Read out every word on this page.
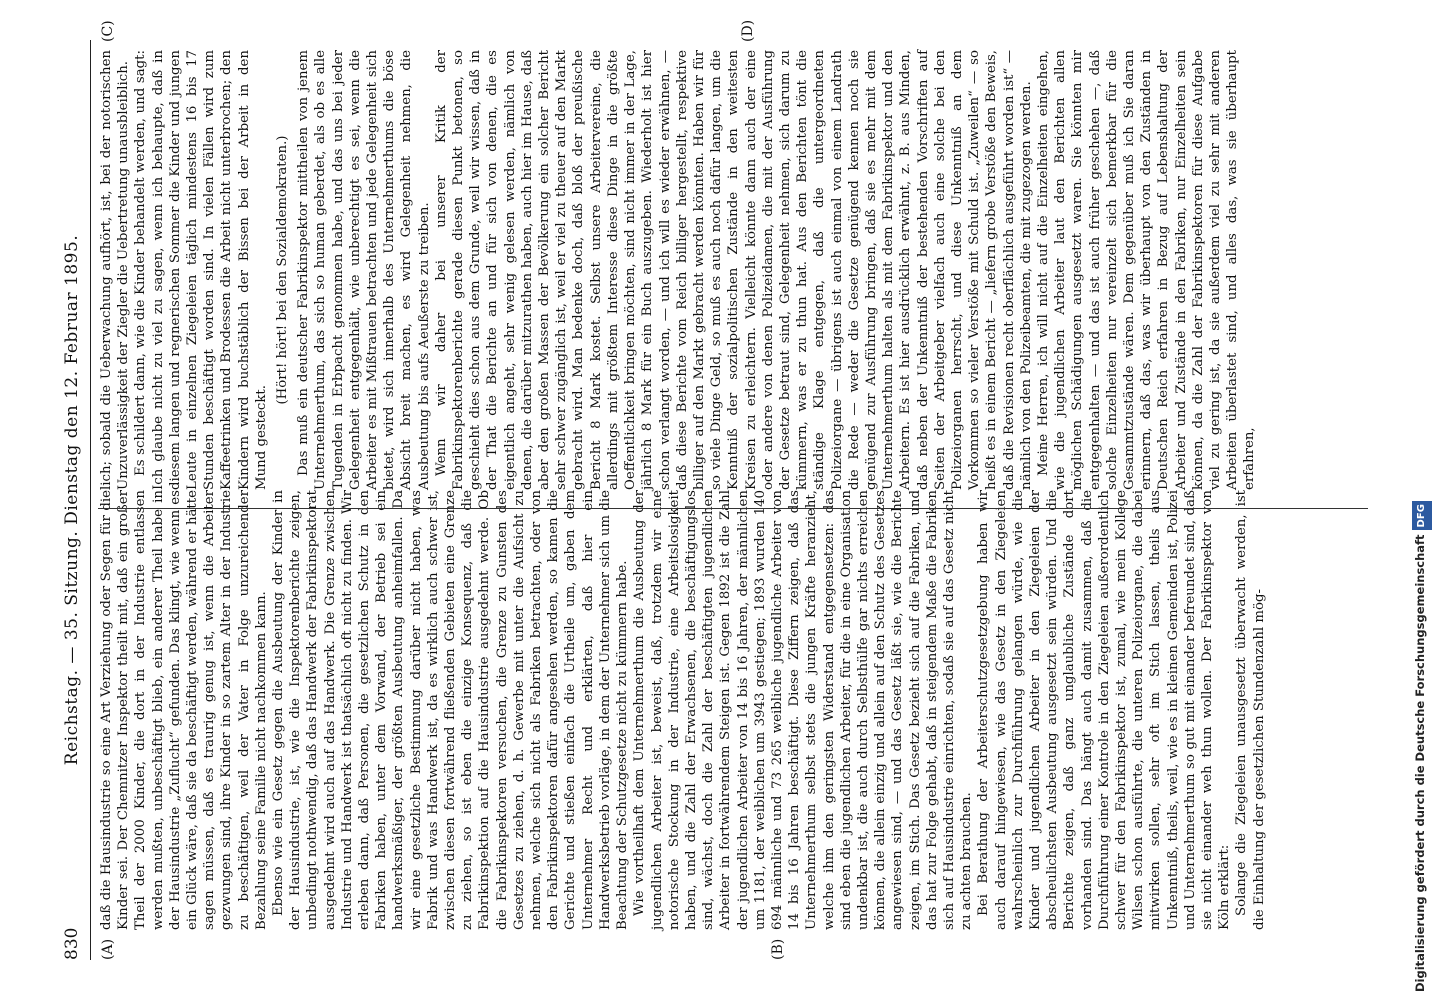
830
Reichstag. — 35. Sitzung. Dienstag den 12. Februar 1895.
(A)	(B)
(C)	(D)

daß die Hausindustrie so eine Art Verziehung oder Segen für die Kinder sei. Der Chemnitzer Inspektor theilt mit, daß ein großer Theil der 2000 Kinder, die dort in der Industrie entlassen werden mußten, unbeschäftigt blieb, ein anderer Theil habe in der Hausindustrie „Zuflucht“ gefunden. Das klingt, wie wenn es ein Glück wäre, daß sie da beschäftigt werden, während er hätte sagen müssen, daß es traurig genug ist, wenn die Arbeiter gezwungen sind, ihre Kinder in so zartem Alter in der Industrie zu beschäftigen, weil der Vater in Folge unzureichender Bezahlung seine Familie nicht nachkommen kann. Ebenso wie ein Gesetz gegen die Ausbeutung der Kinder in der Hausindustrie, ist, wie die Inspektorenberichte zeigen, unbedingt nothwendig, daß das Handwerk der Fabrikinspektorat ausgedehnt wird auch auf das Handwerk. Die Grenze zwischen Industrie und Handwerk ist thatsächlich oft nicht zu finden. Wir erleben dann, daß Personen, die gesetzlichen Schutz in den Fabriken haben, unter dem Vorwand, der Betrieb sei ein handwerksmäßiger, der größten Ausbeutung anheimfallen. Da wir eine gesetzliche Bestimmung darüber nicht haben, was Fabrik und was Handwerk ist, da es wirklich auch schwer ist, zwischen diesen fortwährend fließenden Gebieten eine Grenze zu ziehen, so ist eben die einzige Konsequenz, daß die Fabrikinspektion auf die Hausindustrie ausgedehnt werde. Ob die Fabrikinspektoren versuchen, die Grenze zu Gunsten des Gesetzes zu ziehen, d. h. Gewerbe mit unter die Aufsicht zu nehmen, welche sich nicht als Fabriken betrachten, oder von den Fabrikinspektoren dafür angesehen werden, so kamen die Gerichte und stießen einfach die Urtheile um, gaben dem Unternehmer Recht und erklärten, daß hier ein Handwerksbetrieb vorläge, in dem der Unternehmer sich um die Beachtung der Schutzgesetze nicht zu kümmern habe. Wie vortheilhaft dem Unternehmerthum die Ausbeutung der jugendlichen Arbeiter ist, beweist, daß, trotzdem wir eine notorische Stockung in der Industrie, eine Arbeitslosigkeit haben, und die Zahl der Erwachsenen, die beschäftigungslos sind, wächst, doch die Zahl der beschäftigten jugendlichen Arbeiter in fortwährendem Steigen ist. Gegen 1892 ist die Zahl der jugendlichen Arbeiter von 14 bis 16 Jahren, der männlichen um 1181, der weiblichen um 3943 gestiegen; 1893 wurden 140 694 männliche und 73 265 weibliche jugendliche Arbeiter von 14 bis 16 Jahren beschäftigt. Diese Ziffern zeigen, daß das Unternehmerthum selbst stets die jungen Kräfte heranzieht, welche ihm den geringsten Widerstand entgegensetzen: das sind eben die jugendlichen Arbeiter, für die in eine Organisation undenkbar ist, die auch durch Selbsthülfe gar nichts erreichen können, die allein einzig und allein auf den Schutz des Gesetzes angewiesen sind, — und das Gesetz läßt sie, wie die Berichte zeigen, im Stich. Das Gesetz bezieht sich auf die Fabriken, und das hat zur Folge gehabt, daß in steigendem Maße die Fabriken sich auf Hausindustrie einrichten, sodaß sie auf das Gesetz nicht zu achten brauchen. Bei Berathung der Arbeiterschutzgesetzgebung haben wir auch darauf hingewiesen, wie das Gesetz in den Ziegeleien wahrscheinlich zur Durchführung gelangen würde, wie die Kinder und jugendlichen Arbeiter in den Ziegeleien der abscheulichsten Ausbeutung ausgesetzt sein würden. Und die Berichte zeigen, daß ganz unglaubliche Zustände dort vorhanden sind. Das hängt auch damit zusammen, daß die Durchführung einer Kontrole in den Ziegeleien außerordentlich schwer für den Fabrikinspektor ist, zumal, wie mein Kollege Wilsen schon ausführte, die unteren Polizeiorgane, die dabei mitwirken sollen, sehr oft im Stich lassen, theils aus Unkenntniß, theils, weil, wie es in kleinen Gemeinden ist, Polizei und Unternehmerthum so gut mit einander befreundet sind, daß sie nicht einander weh thun wollen. Der Fabrikinspektor von Köln erklärt: Solange die Ziegeleien unausgesetzt überwacht werden, ist die Einhaltung der gesetzlichen Stundenzahl mög-

lich; sobald die Ueberwachung aufhört, ist, bei der notorischen Unzuverlässigkeit der Ziegler die Uebertretung unausbleiblich. Es schildert dann, wie die Kinder behandelt werden, und sagt: Ich glaube nicht zu viel zu sagen, wenn ich behaupte, daß in diesem langen und regnerischen Sommer die Kinder und jungen Leute in einzelnen Ziegeleien täglich mindestens 16 bis 17 Stunden beschäftigt worden sind. In vielen Fällen wird zum Kaffeetrinken und Brodessen die Arbeit nicht unterbrochen; den Kindern wird buchstäblich der Bissen bei der Arbeit in den Mund gesteckt.

(Hört! hört! bei den Sozialdemokraten.) Das muß ein deutscher Fabrikinspektor mittheilen von jenem Unternehmerthum, das sich so human geberdet, als ob es alle Tugenden in Erbpacht genommen habe, und das uns bei jeder Gelegenheit entgegenhält, wie unberechtigt es sei, wenn die Arbeiter es mit Mißtrauen betrachten und jede Gelegenheit sich bietet, wird sich innerhalb des Unternehmerthums die böse Absicht breit machen, es wird Gelegenheit nehmen, die Ausbeutung bis aufs Aeußerste zu treiben. Wenn wir daher bei unserer Kritik der Fabrikinspektorenberichte gerade diesen Punkt betonen, so geschieht dies schon aus dem Grunde, weil wir wissen, daß in der That die Berichte an und für sich von denen, die es eigentlich angeht, sehr wenig gelesen werden, nämlich von denen, die darüber mitzurathen haben, auch hier im Hause, daß aber den großen Massen der Bevölkerung ein solcher Bericht sehr schwer zugänglich ist, weil er viel zu theuer auf den Markt gebracht wird. Man bedenke doch, daß bloß der preußische Bericht 8 Mark kostet. Selbst unsere Arbeitervereine, die allerdings mit größtem Interesse diese Dinge in die größte Oeffentlichkeit bringen möchten, sind nicht immer in der Lage, jährlich 8 Mark für ein Buch auszugeben. Wiederholt ist hier schon verlangt worden, — und ich will es wieder erwähnen, — daß diese Berichte vom Reich billiger hergestellt, respektive billiger auf den Markt gebracht werden könnten. Haben wir für so viele Dinge Geld, so muß es auch noch dafür langen, um die Kenntniß der sozialpolitischen Zustände in den weitesten Kreisen zu erleichtern. Vielleicht könnte dann auch der eine oder andere von denen Polizeidamen, die mit der Ausführung der Gesetze betraut sind, Gelegenheit nehmen, sich darum zu kümmern, was er zu thun hat. Aus den Berichten tönt die ständige Klage entgegen, daß die untergeordneten Polizeiorgane — übrigens ist auch einmal von einem Landrath die Rede — weder die Gesetze genügend kennen noch sie genügend zur Ausführung bringen, daß sie es mehr mit dem Unternehmerthum halten als mit dem Fabrikinspektor und den Arbeitern. Es ist hier ausdrücklich erwähnt, z. B. aus Minden, daß neben der Unkenntniß der bestehenden Vorschriften auf Seiten der Arbeitgeber vielfach auch eine solche bei den Polizeiorganen herrscht, und diese Unkenntniß an dem Vorkommen so vieler Verstöße mit Schuld ist. „Zuweilen“ — so heißt es in einem Bericht — „liefern grobe Verstöße den Beweis, daß die Revisionen recht oberflächlich ausgeführt worden ist“ — nämlich von den Polizeibeamten, die mit zugezogen werden. Meine Herren, ich will nicht auf die Einzelheiten eingehen, wie die jugendlichen Arbeiter laut den Berichten allen möglichen Schädigungen ausgesetzt waren. Sie könnten mir entgegenhalten — und das ist auch früher geschehen —, daß solche Einzelheiten nur vereinzelt sich bemerkbar für die Gesammtzustände wären. Dem gegenüber muß ich Sie daran erinnern, daß das, was wir überhaupt von den Zuständen in Deutschen Reich erfahren in Bezug auf Lebenshaltung der Arbeiter und Zustände in den Fabriken, nur Einzelheiten sein können, da die Zahl der Fabrikinspektoren für diese Aufgabe viel zu gering ist, da sie außerdem viel zu sehr mit anderen Arbeiten überlastet sind, und alles das, was sie überhaupt erfahren,

Digitalisierung gefördert durch die Deutsche ForschungsgemeinschaftDFG
